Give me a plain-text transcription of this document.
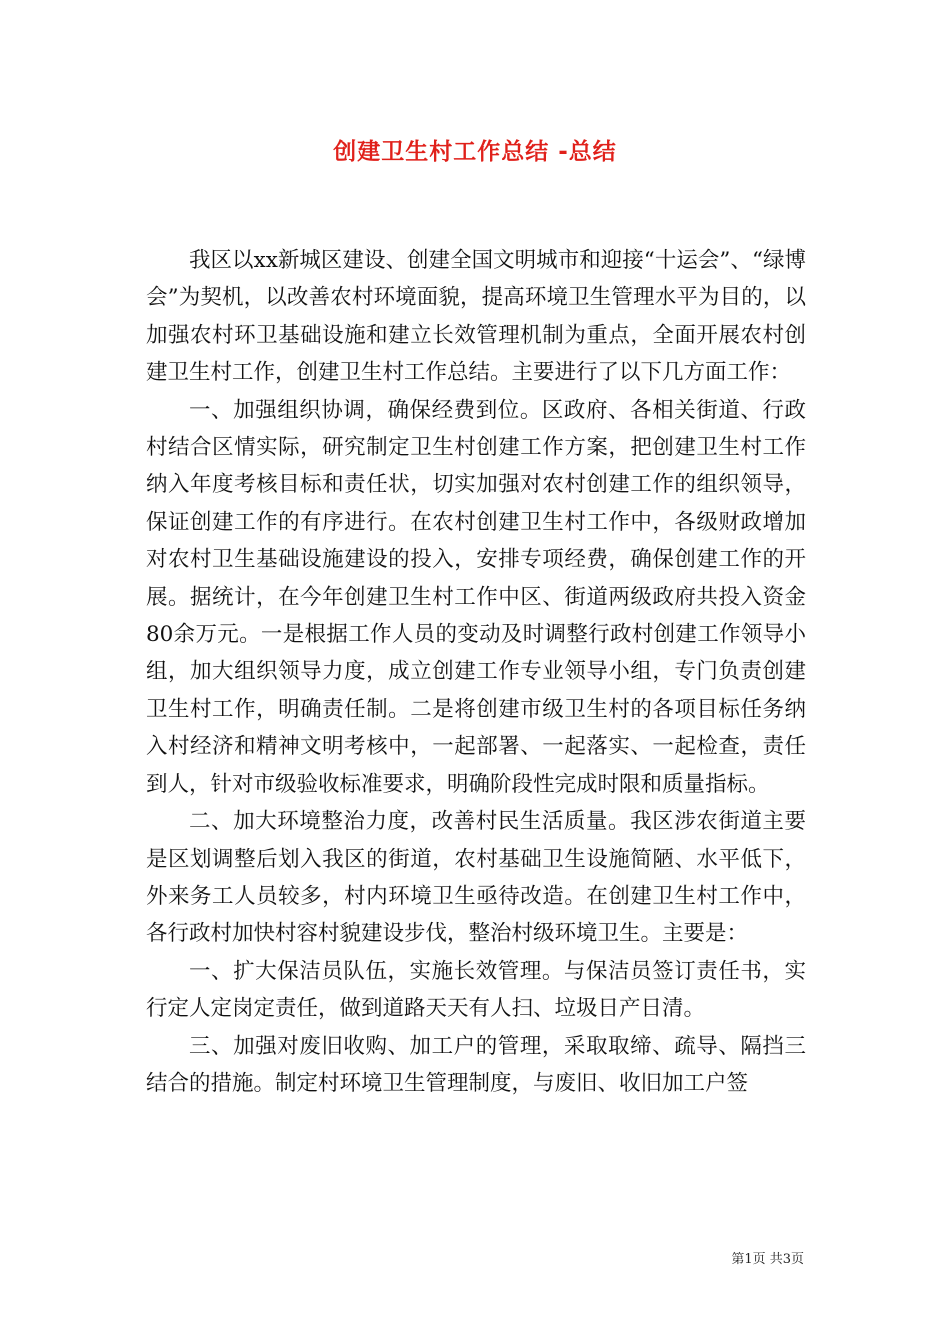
创建卫生村工作总结 -总结

我区以xx新城区建设、创建全国文明城市和迎接“十运会”、“绿博会”为契机，以改善农村环境面貌，提高环境卫生管理水平为目的，以加强农村环卫基础设施和建立长效管理机制为重点，全面开展农村创建卫生村工作，创建卫生村工作总结。主要进行了以下几方面工作：

一、加强组织协调，确保经费到位。区政府、各相关街道、行政村结合区情实际，研究制定卫生村创建工作方案，把创建卫生村工作纳入年度考核目标和责任状，切实加强对农村创建工作的组织领导，保证创建工作的有序进行。在农村创建卫生村工作中，各级财政增加对农村卫生基础设施建设的投入，安排专项经费，确保创建工作的开展。据统计，在今年创建卫生村工作中区、街道两级政府共投入资金80余万元。一是根据工作人员的变动及时调整行政村创建工作领导小组，加大组织领导力度，成立创建工作专业领导小组，专门负责创建卫生村工作，明确责任制。二是将创建市级卫生村的各项目标任务纳入村经济和精神文明考核中，一起部署、一起落实、一起检查，责任到人，针对市级验收标准要求，明确阶段性完成时限和质量指标。

二、加大环境整治力度，改善村民生活质量。我区涉农街道主要是区划调整后划入我区的街道，农村基础卫生设施简陋、水平低下，外来务工人员较多，村内环境卫生亟待改造。在创建卫生村工作中，各行政村加快村容村貌建设步伐，整治村级环境卫生。主要是：

一、扩大保洁员队伍，实施长效管理。与保洁员签订责任书，实行定人定岗定责任，做到道路天天有人扫、垃圾日产日清。

三、加强对废旧收购、加工户的管理，采取取缔、疏导、隔挡三结合的措施。制定村环境卫生管理制度，与废旧、收旧加工户签

第1页 共3页
